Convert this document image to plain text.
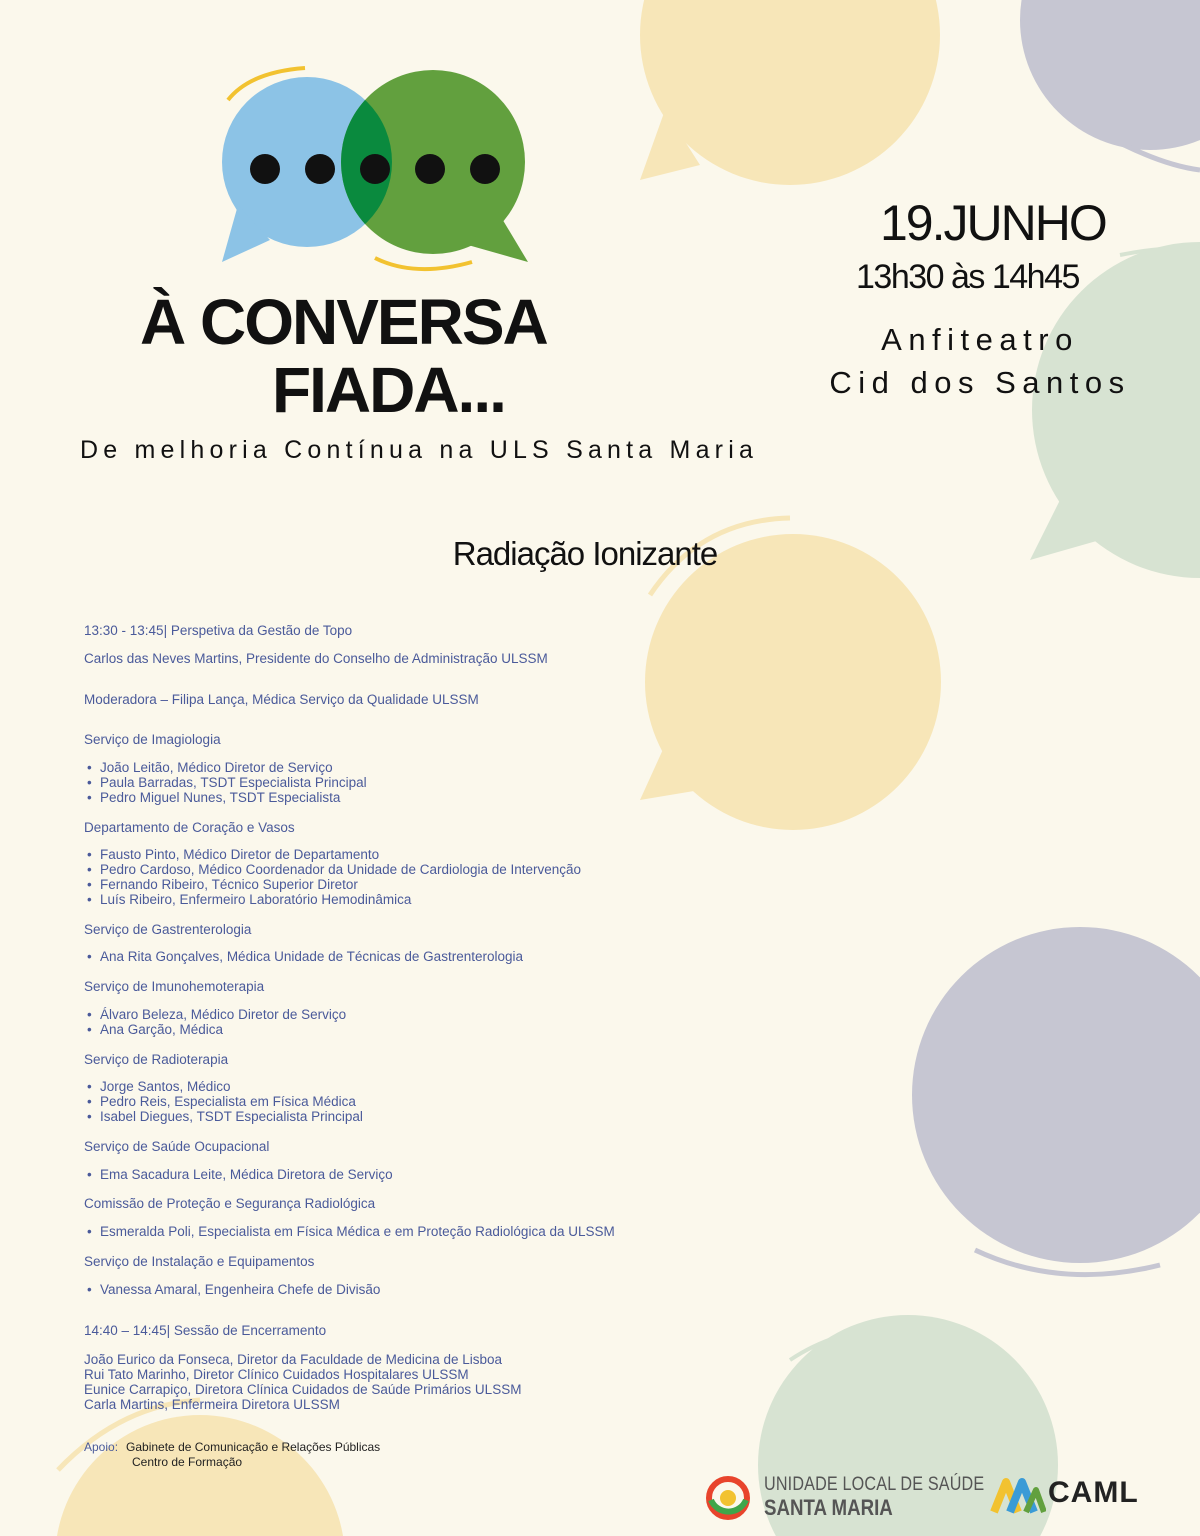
À CONVERSA
FIADA...
De melhoria Contínua na ULS Santa Maria
19.JUNHO
13h30 às 14h45
Anfiteatro
Cid dos Santos
Radiação Ionizante

13:30 - 13:45| Perspetiva da Gestão de Topo

Carlos das Neves Martins, Presidente do Conselho de Administração ULSSM

Moderadora – Filipa Lança, Médica Serviço da Qualidade ULSSM

Serviço de Imagiologia

• João Leitão, Médico Diretor de Serviço
• Paula Barradas, TSDT Especialista Principal
• Pedro Miguel Nunes, TSDT Especialista

Departamento de Coração e Vasos

• Fausto Pinto, Médico Diretor de Departamento
• Pedro Cardoso, Médico Coordenador da Unidade de Cardiologia de Intervenção
• Fernando Ribeiro, Técnico Superior Diretor
• Luís Ribeiro, Enfermeiro Laboratório Hemodinâmica

Serviço de Gastrenterologia

• Ana Rita Gonçalves, Médica Unidade de Técnicas de Gastrenterologia

Serviço de Imunohemoterapia

• Álvaro Beleza, Médico Diretor de Serviço
• Ana Garção, Médica

Serviço de Radioterapia

• Jorge Santos, Médico
• Pedro Reis, Especialista em Física Médica
• Isabel Diegues, TSDT Especialista Principal

Serviço de Saúde Ocupacional

• Ema Sacadura Leite, Médica Diretora de Serviço

Comissão de Proteção e Segurança Radiológica

• Esmeralda Poli, Especialista em Física Médica e em Proteção Radiológica da ULSSM

Serviço de Instalação e Equipamentos

• Vanessa Amaral, Engenheira Chefe de Divisão

14:40 – 14:45| Sessão de Encerramento

João Eurico da Fonseca, Diretor da Faculdade de Medicina de Lisboa

Rui Tato Marinho, Diretor Clínico Cuidados Hospitalares ULSSM

Eunice Carrapiço, Diretora Clínica Cuidados de Saúde Primários ULSSM

Carla Martins, Enfermeira Diretora ULSSM

Apoio: Gabinete de Comunicação e Relações Públicas
Centro de Formação
UNIDADE LOCAL DE SAÚDE
SANTA MARIA	CAML
